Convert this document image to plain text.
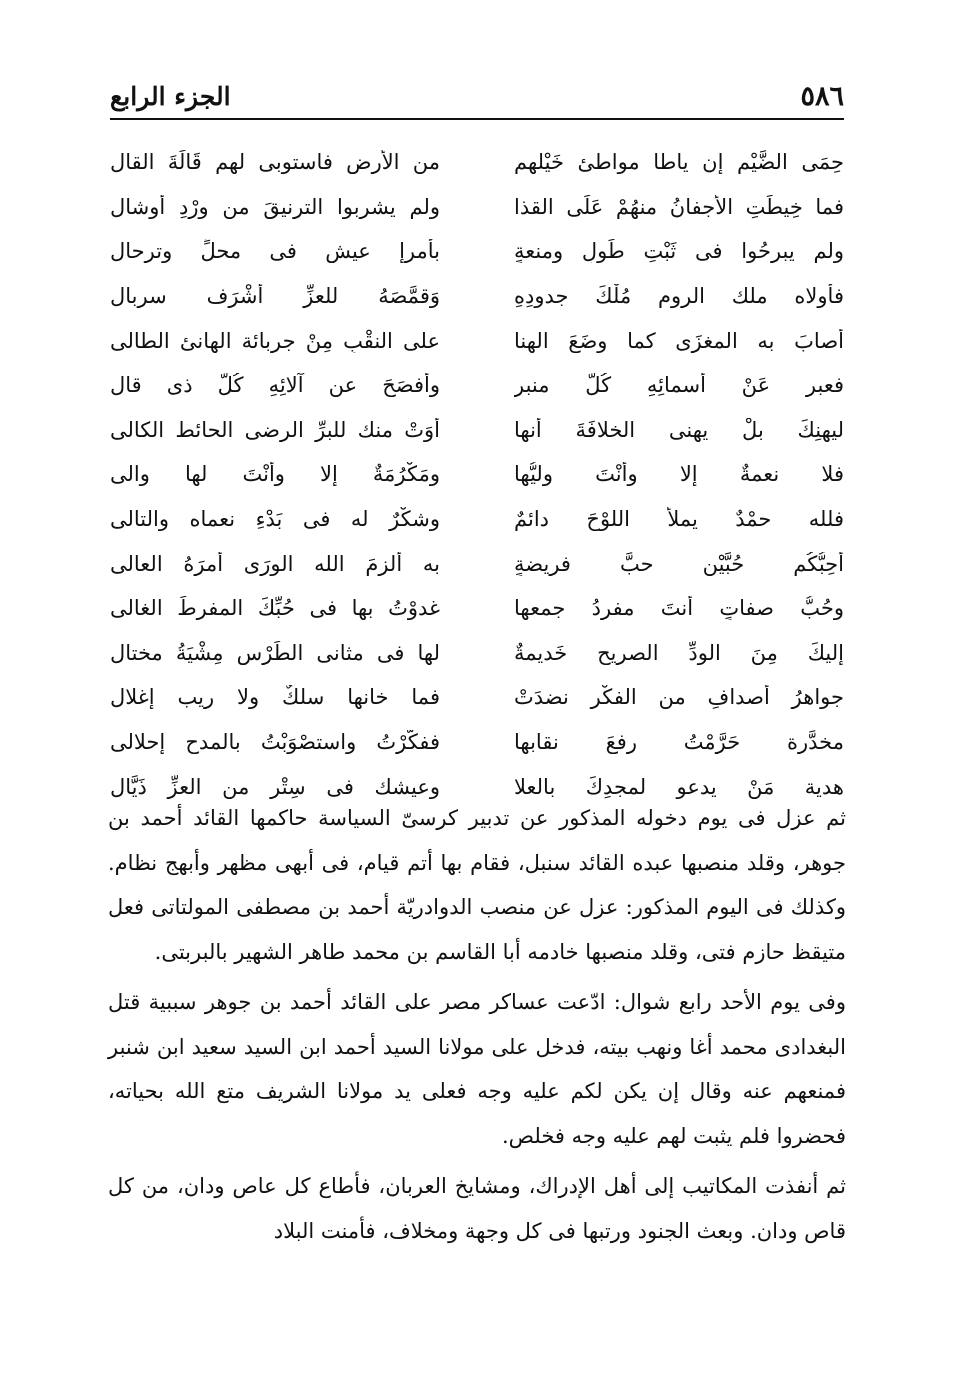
٥٨٦
الجزء الرابع
حِمَى الضَّيْم إن ياطا مواطئ خَيْلهم
من الأرض فاستوبى لهم قَالَةَ القالِ
فما خِيطَتِ الأجفانُ منهُمْ عَلَى القذا
ولم يشربوا الترنيقَ من وِرْدِ أوشالِ
ولم يبرحُوا فى ثَبْتِ طَولٍ ومنعةٍ
بأمرإِ عيشٍ فى محلٍّ وترحالِ
فأولاه ملك الروم مُلْكَ جدودِهِ
وَقمَّصَهُ للعزِّ أَشْرَف سربالِ
أصابَ به المغزَى كما وضَعَ الهنا
على النقْبِ مِنْ جربائة الهانئ الطالى
فعبر عَنْ أسمائِهِ كُلُّ منبرٍ
وأفصَحَ عن آلائِهِ كُلُّ ذى قال
ليهنِكَ بلْ يهنى الخلافَةَ أنها
أَوَتْ منك للبرِّ الرضى الحائط الكالى
فلا نعمةٌ إلا وأنْتَ وليُّها
ومَكْرُمَةٌ إلا وأنْتَ لها والى
فلله حمْدٌ يملأُ اللوْحَ دائمٌ
وشكْرٌ له فى بَدْءِ نعماه والتالى
أُحِبُّكُم حُبَّيْنِ حبَّ فريضةٍ
به أَلزمَ الله الورَى أمرَهُ العالى
وحُبُّ صفاتٍ أنتَ مفردُ جمعها
غدوْتُ بها فى حُبِّكَ المفرِطَ الغالى
إليكَ مِنَ الودِّ الصريحِ خَديمةٌ
لها فى مثانى الطِّرْسِ مِشْيَةُ مختال
جواهرُ أصدافِ من الفكْرِ نضدَتْ
فما خانها سلكٌ ولا ريب إغلالِ
مخدَّرة حَرَّمْتُ رفعَ نقابها
ففكَّرْتُ واستصْوَبْتُ بالمدح إحلالى
هدية مَنْ يدعو لمجدِكَ بالعلا
وعيشك فى سِتْرٍ من العزِّ ذَيَّالِ

ثم عزل فى يوم دخوله المذكور عن تدبير كرسىّ السياسة حاكمها القائد أحمد بن جوهر، وقلد منصبها عبده القائد سنبل، فقام بها أتم قيام، فى أبهى مظهر وأبهج نظام. وكذلك فى اليوم المذكور: عزل عن منصب الدوادريّة أحمد بن مصطفى المولتاتى فعل متيقظ حازم فتى، وقلد منصبها خادمه أبا القاسم بن محمد طاهر الشهير بالبربتى.

وفى يوم الأحد رابع شوال: ادّعت عساكر مصر على القائد أحمد بن جوهر سببية قتل البغدادى محمد أغا ونهب بيته، فدخل على مولانا السيد أحمد ابن السيد سعيد ابن شنبر فمنعهم عنه وقال إن يكن لكم عليه وجه فعلى يد مولانا الشريف متع الله بحياته، فحضروا فلم يثبت لهم عليه وجه فخلص.

ثم أنفذت المكاتيب إلى أهل الإدراك، ومشايخ العربان، فأطاع كل عاص ودان، من كل قاص ودان. وبعث الجنود ورتبها فى كل وجهة ومخلاف، فأمنت البلاد
